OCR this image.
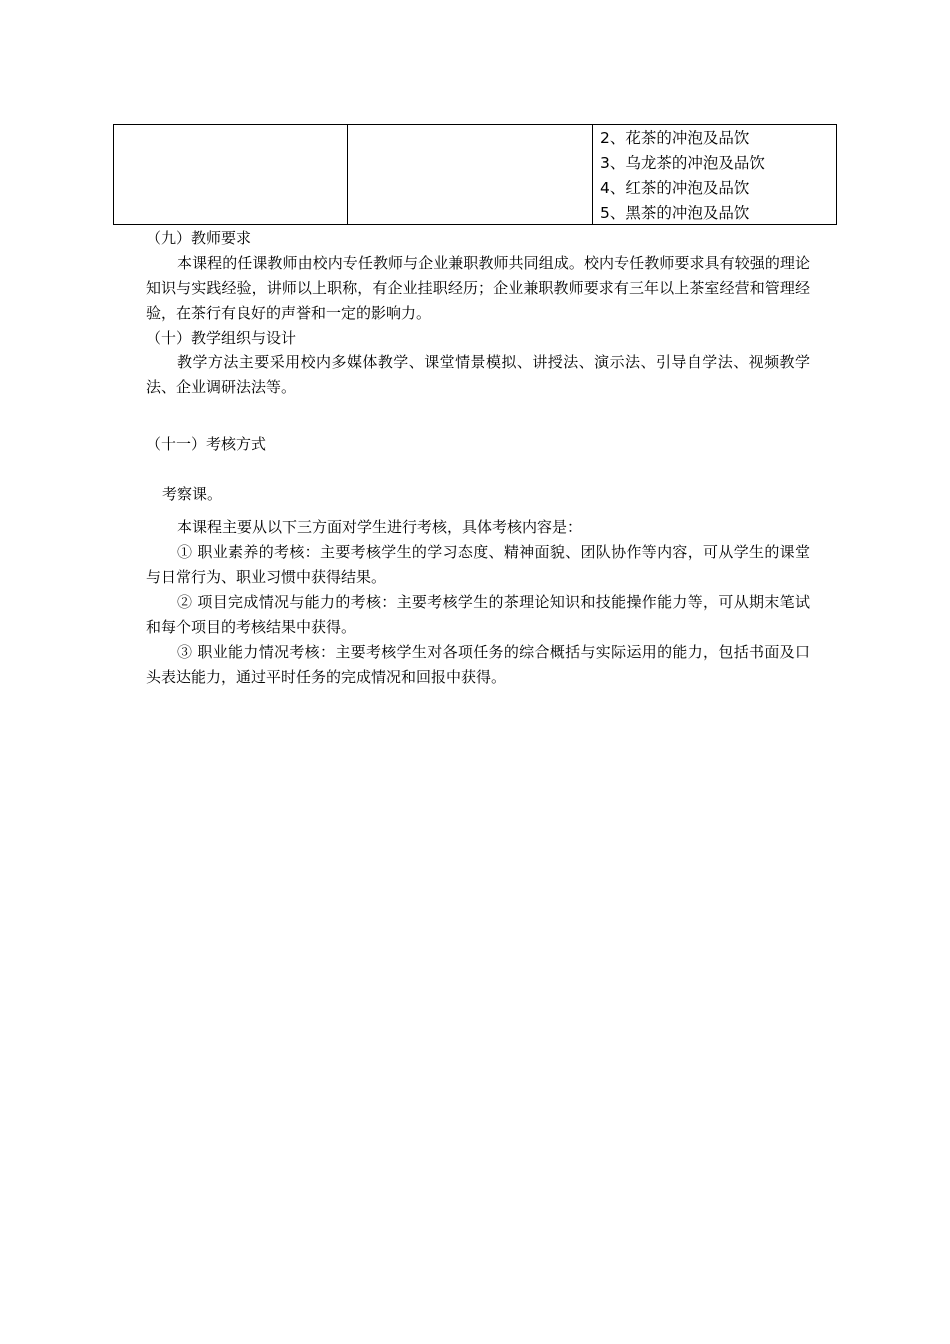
2、花茶的冲泡及品饮
3、乌龙茶的冲泡及品饮
4、红茶的冲泡及品饮
5、黑茶的冲泡及品饮
（九）教师要求
本课程的任课教师由校内专任教师与企业兼职教师共同组成。校内专任教师要求具有较强的理论知识与实践经验，讲师以上职称，有企业挂职经历；企业兼职教师要求有三年以上茶室经营和管理经验，在茶行有良好的声誉和一定的影响力。
（十）教学组织与设计
教学方法主要采用校内多媒体教学、课堂情景模拟、讲授法、演示法、引导自学法、视频教学法、企业调研法法等。
（十一）考核方式
考察课。
本课程主要从以下三方面对学生进行考核，具体考核内容是：
① 职业素养的考核：主要考核学生的学习态度、精神面貌、团队协作等内容，可从学生的课堂与日常行为、职业习惯中获得结果。
② 项目完成情况与能力的考核：主要考核学生的茶理论知识和技能操作能力等，可从期末笔试和每个项目的考核结果中获得。
③ 职业能力情况考核：主要考核学生对各项任务的综合概括与实际运用的能力，包括书面及口头表达能力，通过平时任务的完成情况和回报中获得。
